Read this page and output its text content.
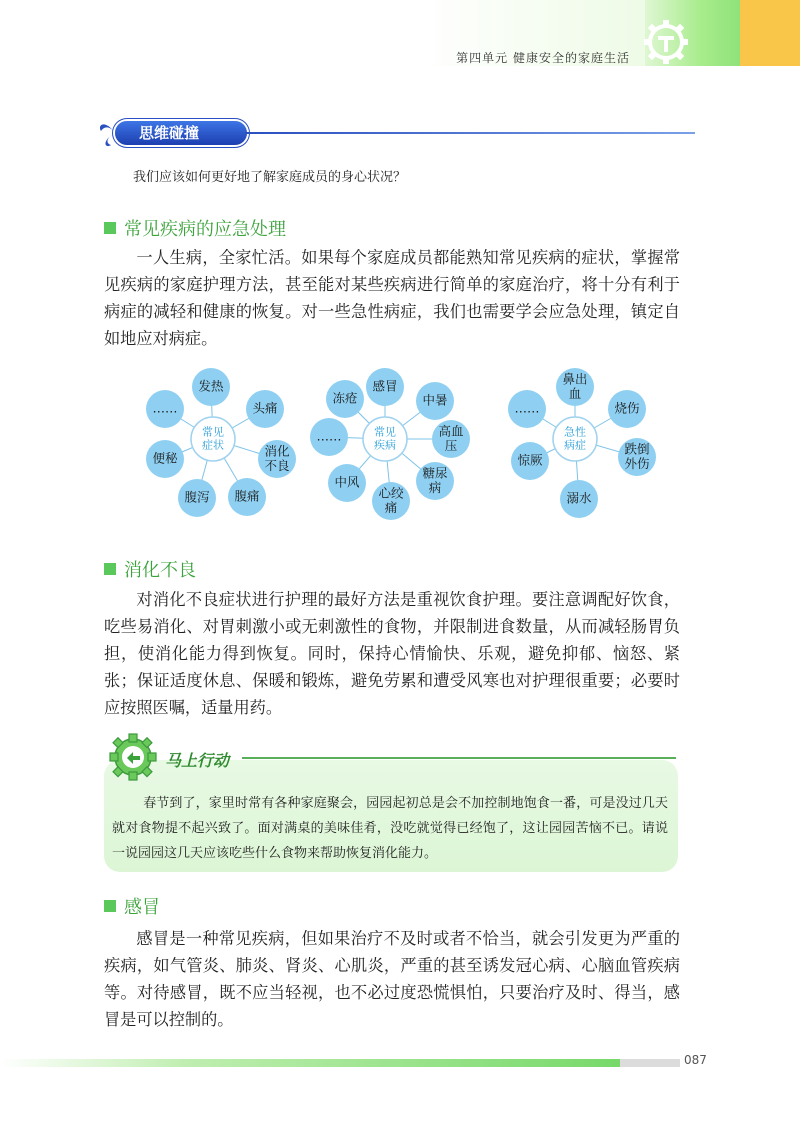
第四单元 健康安全的家庭生活
思维碰撞
我们应该如何更好地了解家庭成员的身心状况？
常见疾病的应急处理

一人生病，全家忙活。如果每个家庭成员都能熟知常见疾病的症状，掌握常见疾病的家庭护理方法，甚至能对某些疾病进行简单的家庭治疗，将十分有利于病症的减轻和健康的恢复。对一些急性病症，我们也需要学会应急处理，镇定自如地应对病症。

常见
症状
发热
头痛
消化
不良
腹痛
腹泻
便秘
……
常见
疾病
感冒
中暑
高血
压
糖尿
病
心绞
痛
中风
……
冻疮
急性
病症
鼻出
血
烧伤
跌倒
外伤
溺水
惊厥
……
消化不良

对消化不良症状进行护理的最好方法是重视饮食护理。要注意调配好饮食，吃些易消化、对胃刺激小或无刺激性的食物，并限制进食数量，从而减轻肠胃负担，使消化能力得到恢复。同时，保持心情愉快、乐观，避免抑郁、恼怒、紧张；保证适度休息、保暖和锻炼，避免劳累和遭受风寒也对护理很重要；必要时应按照医嘱，适量用药。

马上行动

春节到了，家里时常有各种家庭聚会，园园起初总是会不加控制地饱食一番，可是没过几天就对食物提不起兴致了。面对满桌的美味佳肴，没吃就觉得已经饱了，这让园园苦恼不已。请说一说园园这几天应该吃些什么食物来帮助恢复消化能力。

感冒

感冒是一种常见疾病，但如果治疗不及时或者不恰当，就会引发更为严重的疾病，如气管炎、肺炎、肾炎、心肌炎，严重的甚至诱发冠心病、心脑血管疾病等。对待感冒，既不应当轻视，也不必过度恐慌惧怕，只要治疗及时、得当，感冒是可以控制的。

087
